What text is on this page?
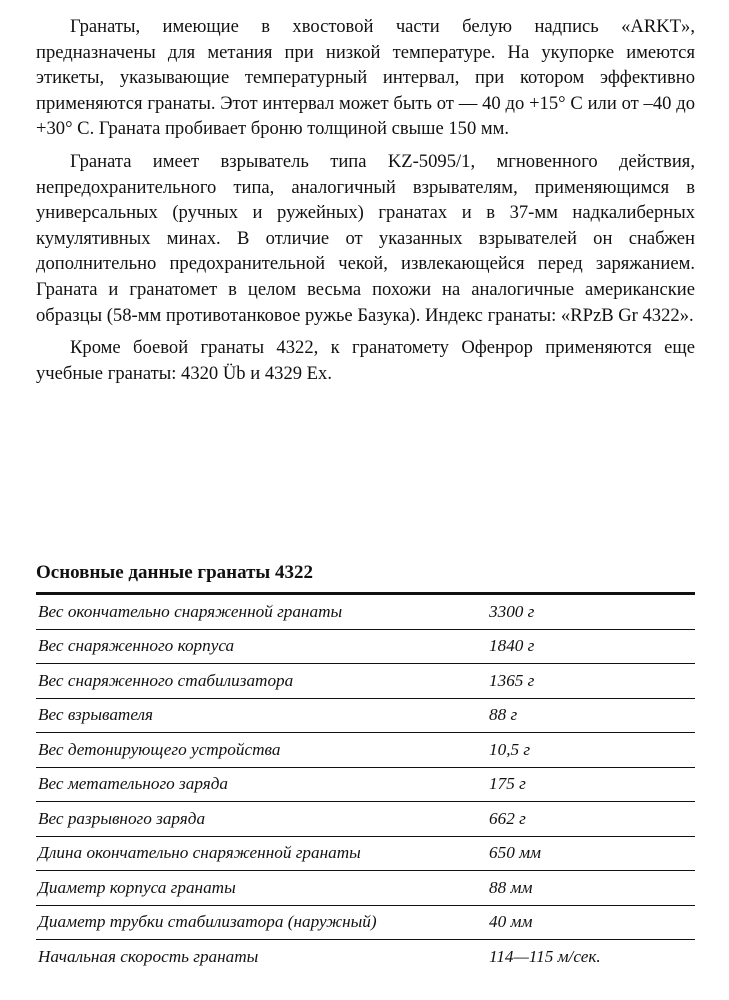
Гранаты, имеющие в хвостовой части белую надпись «ARKT», предназначены для метания при низкой температуре. На укупорке имеются этикеты, указывающие температурный интервал, при котором эффективно применяются гранаты. Этот интервал может быть от — 40 до +15° С или от –40 до +30° С. Граната пробивает броню толщиной свыше 150 мм.

Граната имеет взрыватель типа KZ-5095/1, мгновенного действия, непредохранительного типа, аналогичный взрывателям, применяющимся в универсальных (ручных и ружейных) гранатах и в 37-мм надкалиберных кумулятивных минах. В отличие от указанных взрывателей он снабжен дополнительно предохранительной чекой, извлекающейся перед заряжанием. Граната и гранатомет в целом весьма похожи на аналогичные американские образцы (58-мм противотанковое ружье Базука). Индекс гранаты: «RPzB Gr 4322».

Кроме боевой гранаты 4322, к гранатомету Офенрор применяются еще учебные гранаты: 4320 Üb и 4329 Ex.

Основные данные гранаты 4322
Вес окончательно снаряженной гранаты	3300 г
Вес снаряженного корпуса	1840 г
Вес снаряженного стабилизатора	1365 г
Вес взрывателя	88 г
Вес детонирующего устройства	10,5 г
Вес метательного заряда	175 г
Вес разрывного заряда	662 г
Длина окончательно снаряженной гранаты	650 мм
Диаметр корпуса гранаты	88 мм
Диаметр трубки стабилизатора (наружный)	40 мм
Начальная скорость гранаты	114—115 м/сек.
